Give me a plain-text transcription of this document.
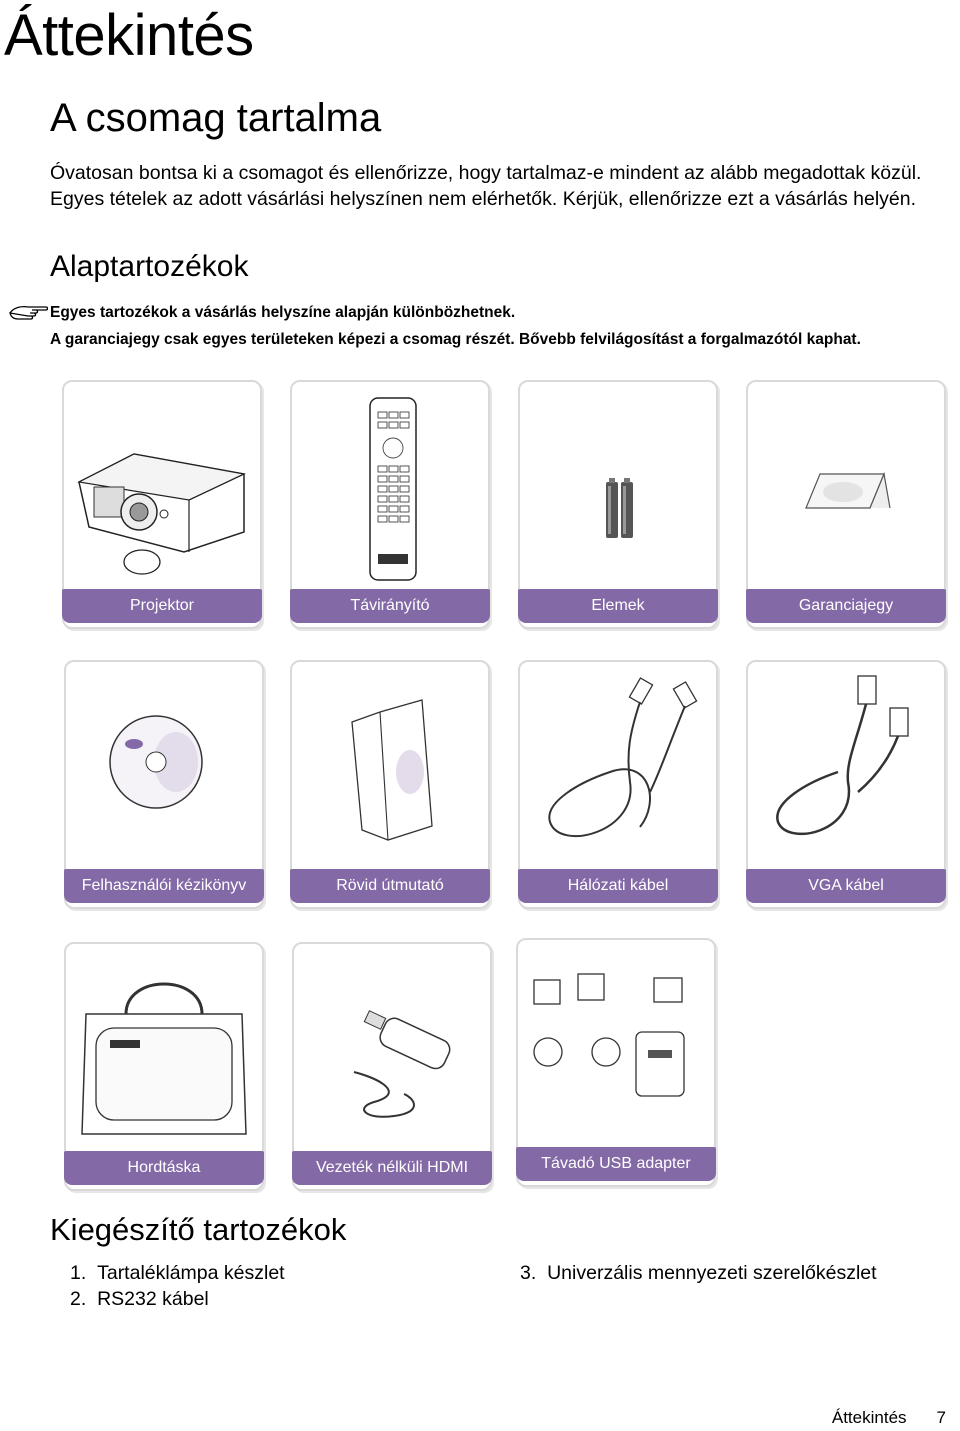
Áttekintés
A csomag tartalma
Óvatosan bontsa ki a csomagot és ellenőrizze, hogy tartalmaz-e mindent az alább megadottak közül. Egyes tételek az adott vásárlási helyszínen nem elérhetők. Kérjük, ellenőrizze ezt a vásárlás helyén.
Alaptartozékok
Egyes tartozékok a vásárlás helyszíne alapján különbözhetnek.
A garanciajegy csak egyes területeken képezi a csomag részét. Bővebb felvilágosítást a forgalmazótól kaphat.
Projektor	Távirányító	Elemek	Garanciajegy
Felhasználói kézikönyv	Rövid útmutató	Hálózati kábel	VGA kábel
Hordtáska	Vezeték nélküli HDMI	Távadó USB adapter
Kiegészítő tartozékok
1.  Tartaléklámpa készlet
2.  RS232 kábel
3.  Univerzális mennyezeti szerelőkészlet
Áttekintés 7
